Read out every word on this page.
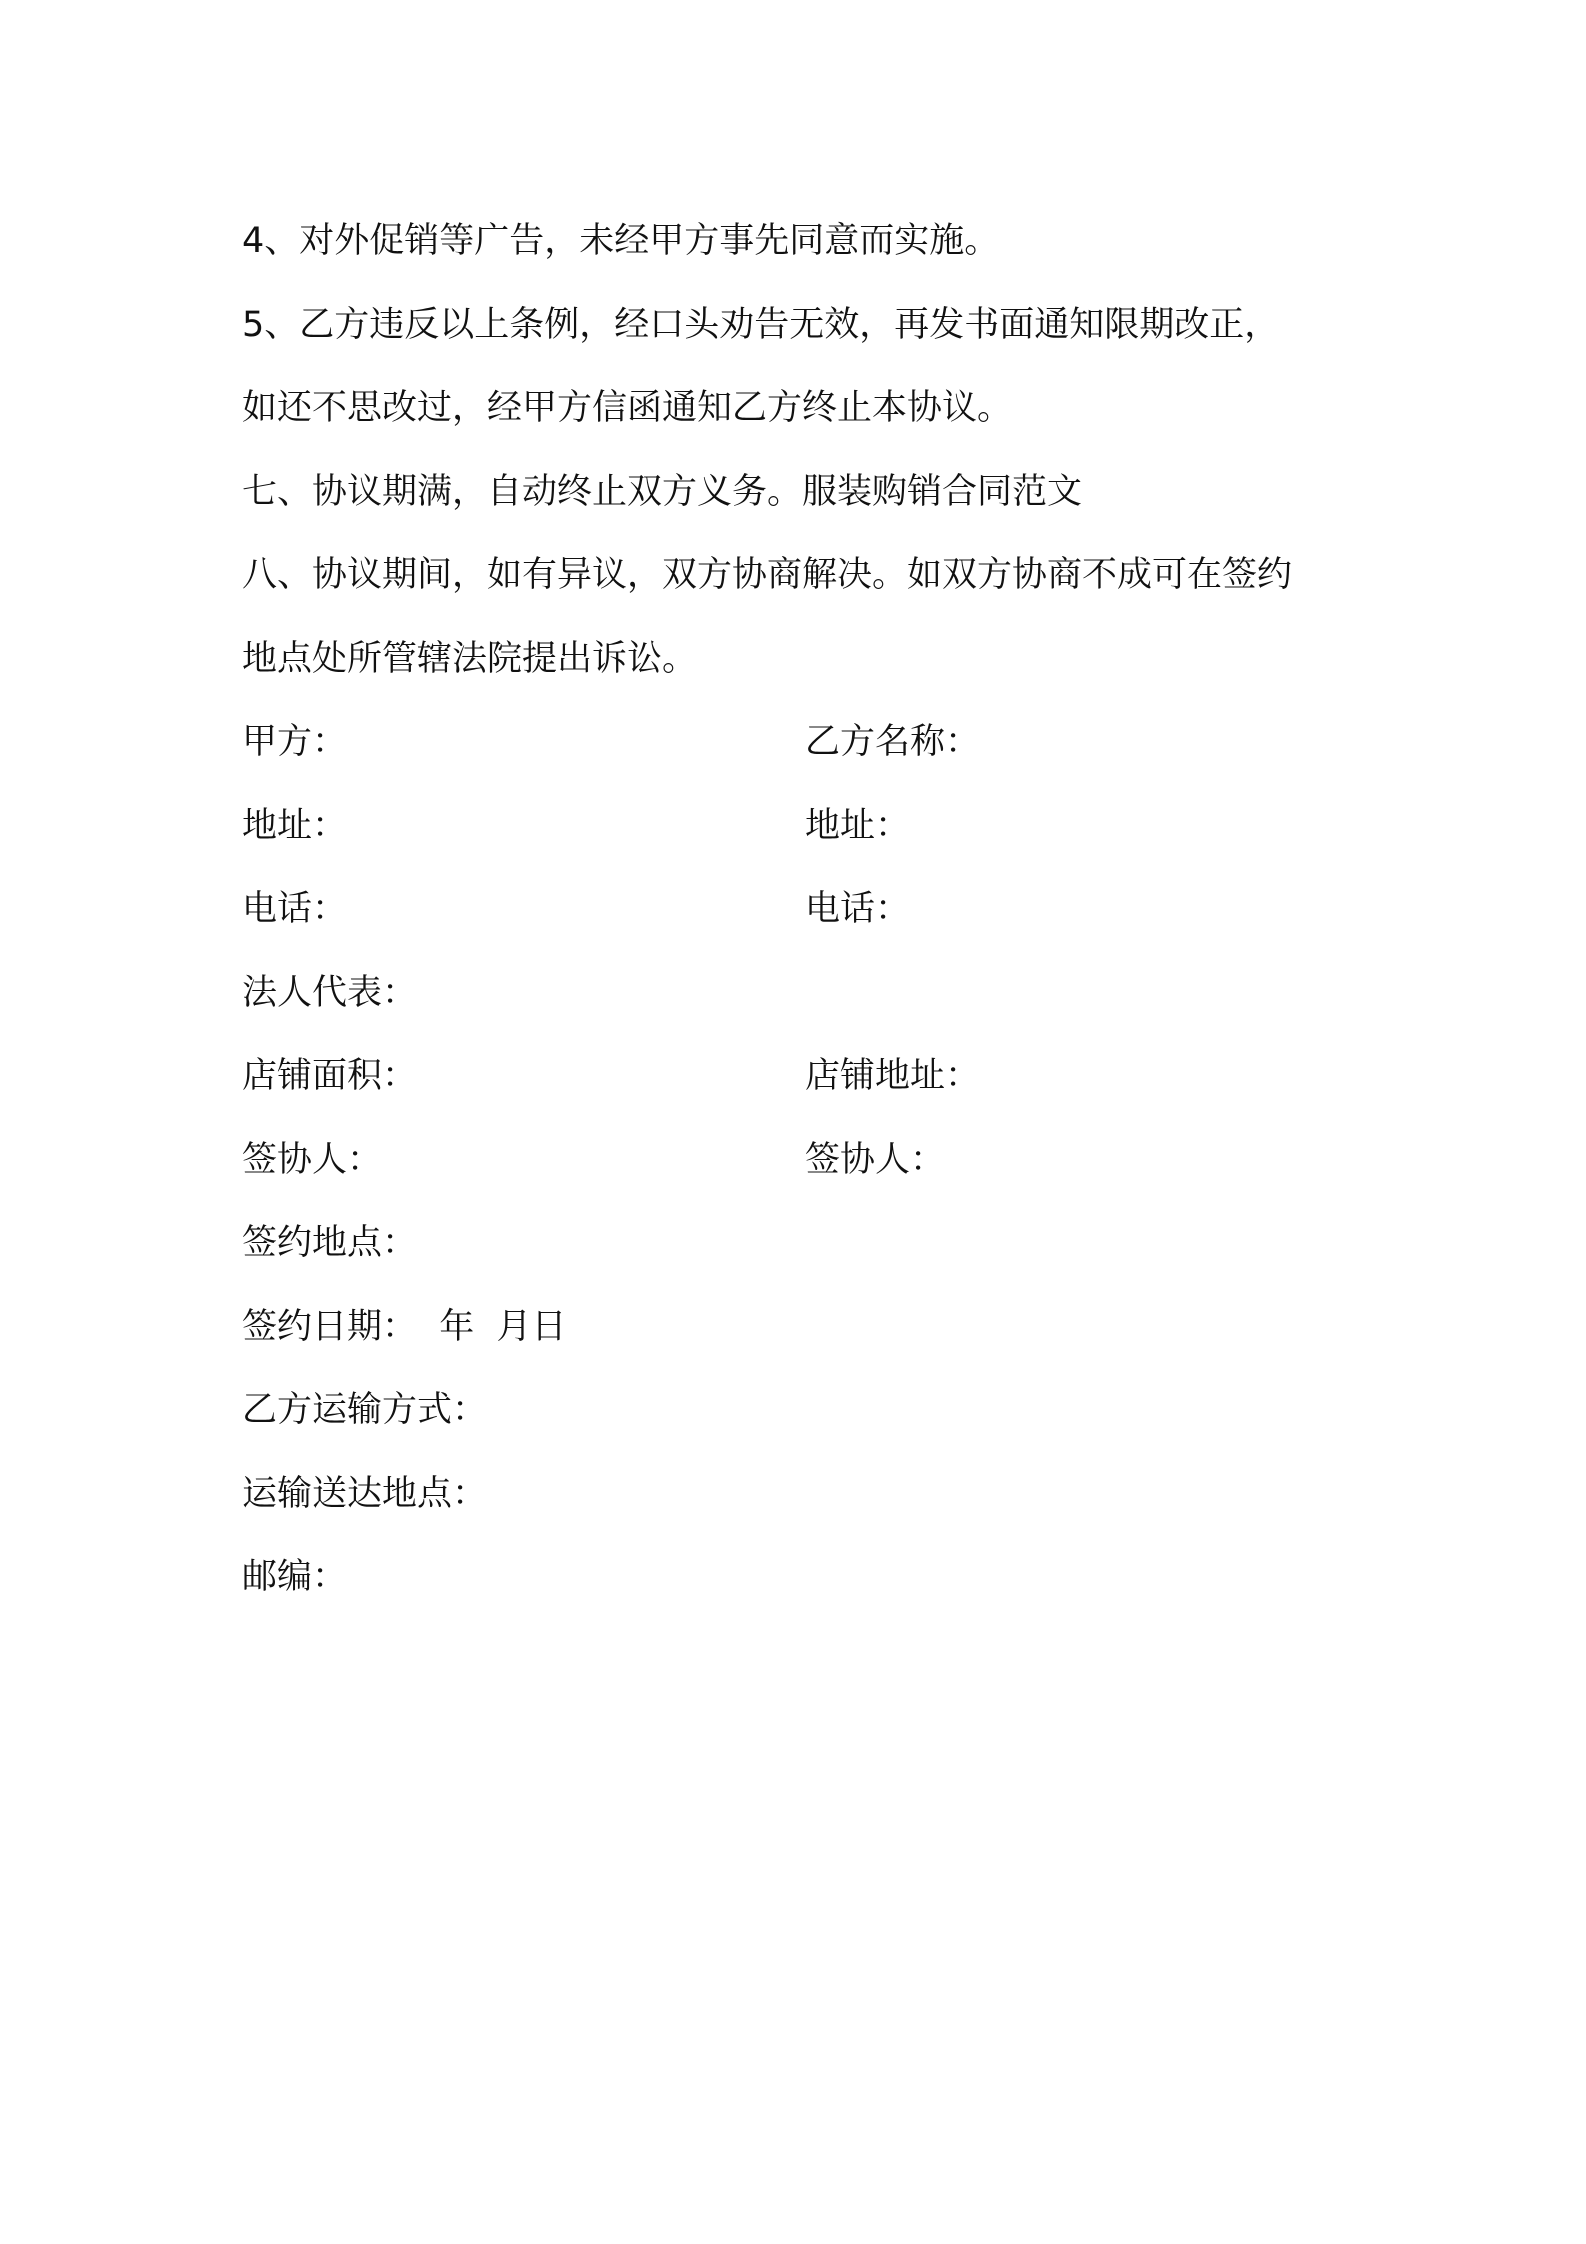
4、对外促销等广告，未经甲方事先同意而实施。

5、乙方违反以上条例，经口头劝告无效，再发书面通知限期改正，

如还不思改过，经甲方信函通知乙方终止本协议。

七、协议期满，自动终止双方义务。服装购销合同范文

八、协议期间，如有异议，双方协商解决。如双方协商不成可在签约

地点处所管辖法院提出诉讼。

甲方：	乙方名称：
地址：	地址：
电话：	电话：
法人代表：
店铺面积：	店铺地址：
签协人：	签协人：
签约地点：
签约日期：  年  月日
乙方运输方式：
运输送达地点：
邮编：
